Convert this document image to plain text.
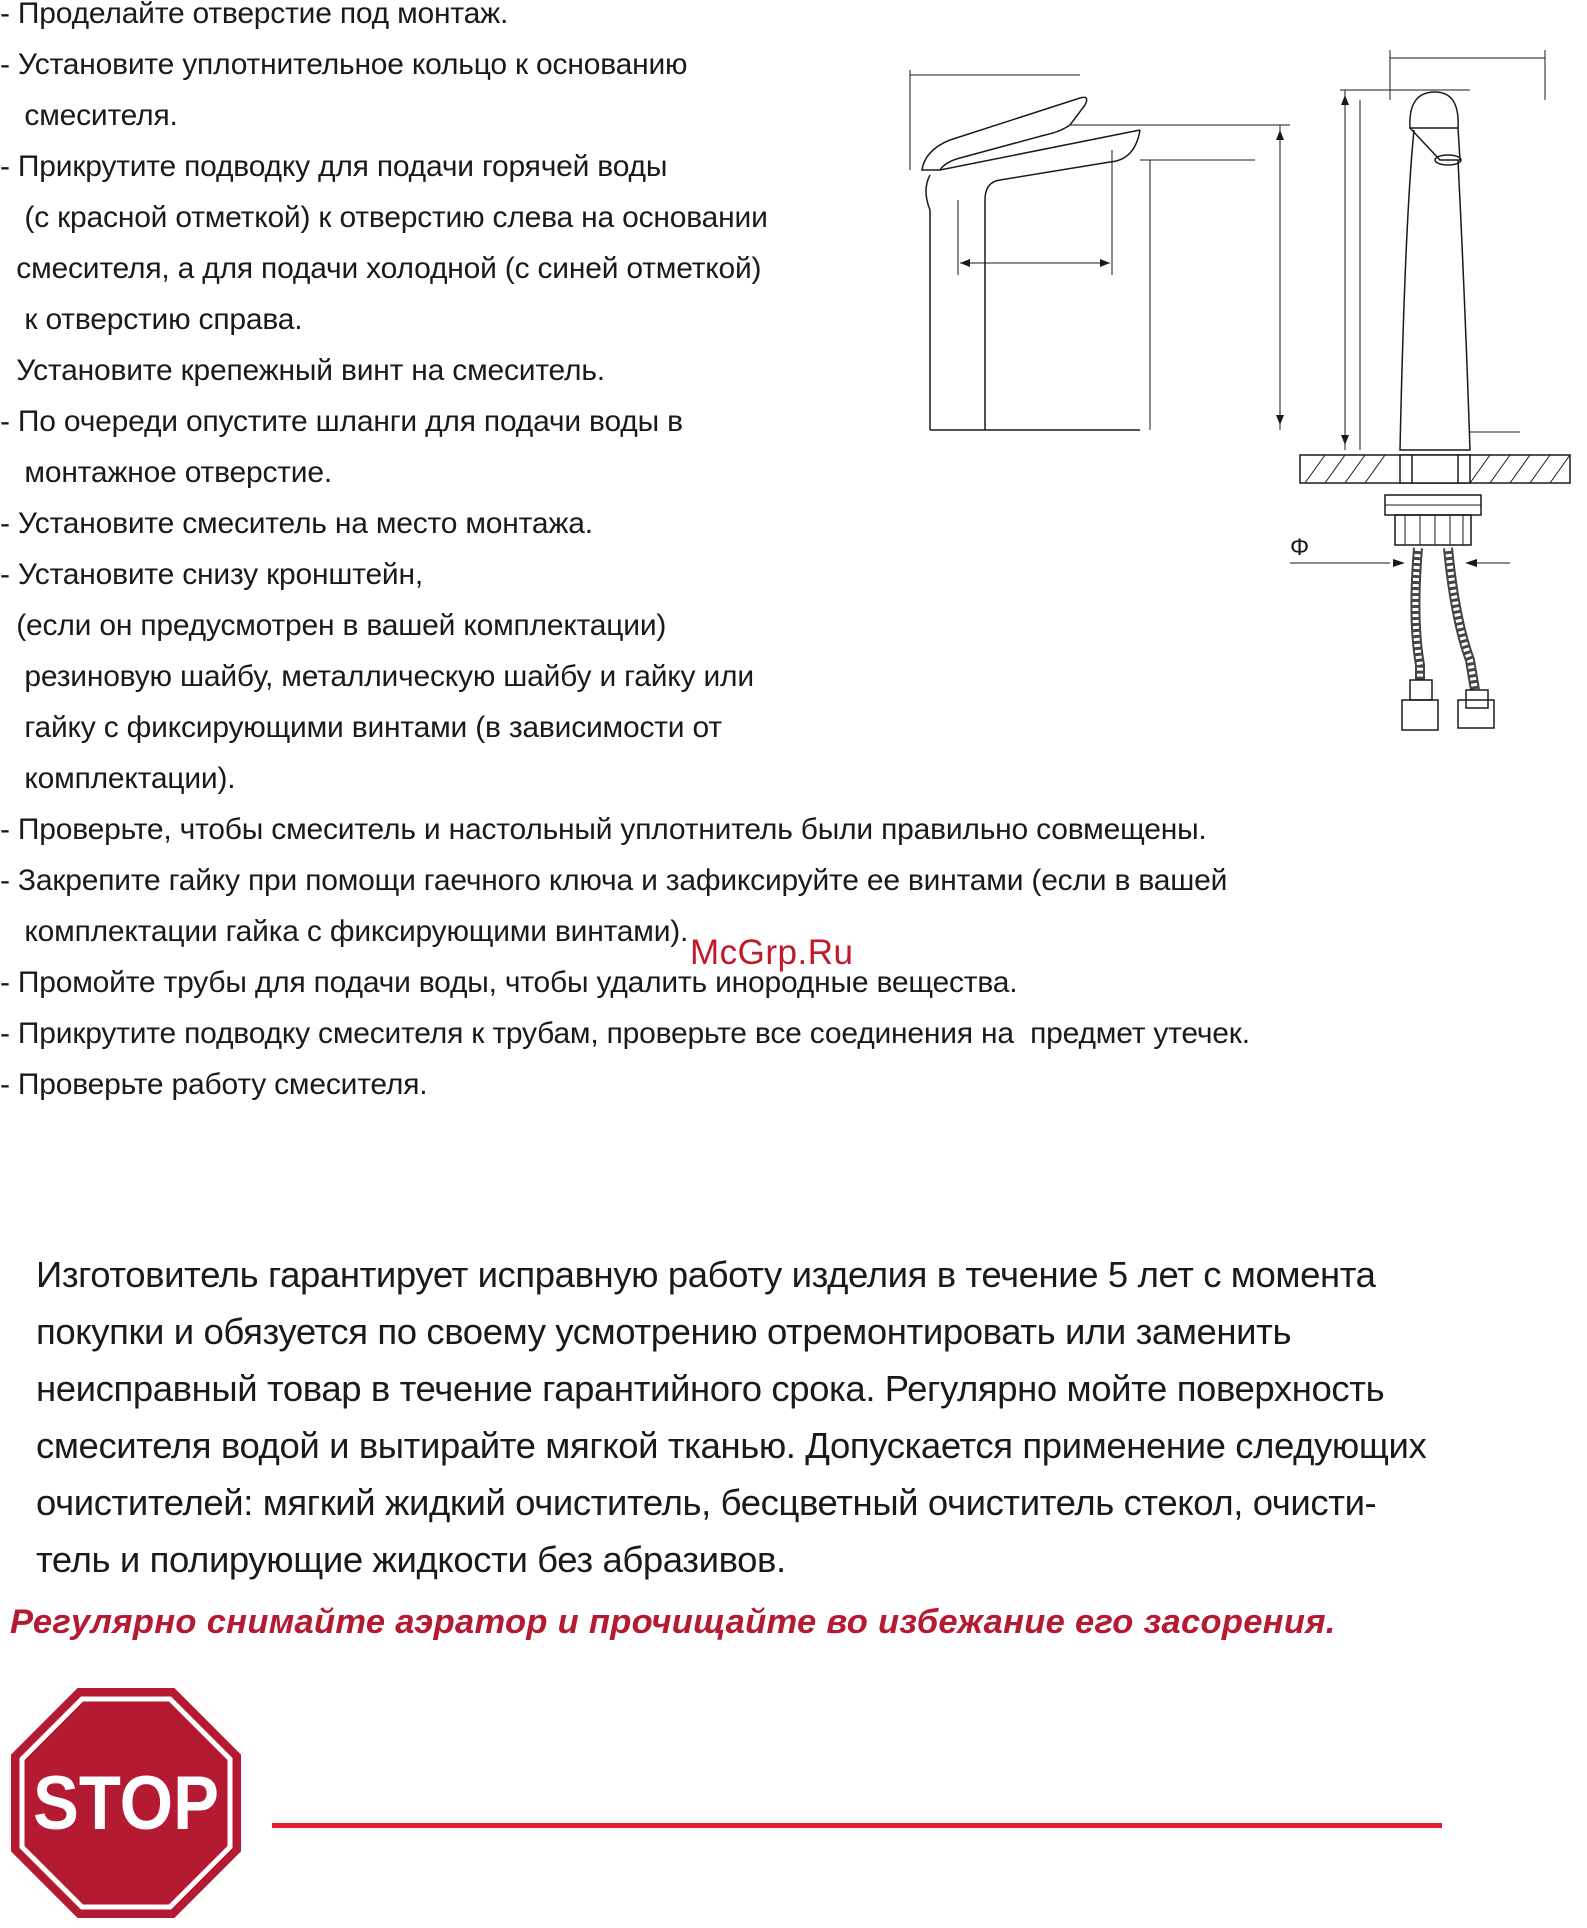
- Проделайте отверстие под монтаж.
- Установите уплотнительное кольцо к основанию
смесителя.
- Прикрутите подводку для подачи горячей воды
(с красной отметкой) к отверстию слева на основании
смесителя, а для подачи холодной (с синей отметкой)
к отверстию справа.
Установите крепежный винт на смеситель.
- По очереди опустите шланги для подачи воды в
монтажное отверстие.
- Установите смеситель на место монтажа.
- Установите снизу кронштейн,
(если он предусмотрен в вашей комплектации)
резиновую шайбу, металлическую шайбу и гайку или
гайку с фиксирующими винтами (в зависимости от
комплектации).
- Проверьте, чтобы смеситель и настольный уплотнитель были правильно совмещены.
- Закрепите гайку при помощи гаечного ключа и зафиксируйте ее винтами (если в вашей
комплектации гайка с фиксирующими винтами).
- Промойте трубы для подачи воды, чтобы удалить инородные вещества.
- Прикрутите подводку смесителя к трубам, проверьте все соединения на  предмет утечек.
- Проверьте работу смесителя.
McGrp.Ru
Φ
Изготовитель гарантирует исправную работу изделия в течение 5 лет с момента
покупки и обязуется по своему усмотрению отремонтировать или заменить
неисправный товар в течение гарантийного срока. Регулярно мойте поверхность
смесителя водой и вытирайте мягкой тканью. Допускается применение следующих
очистителей: мягкий жидкий очиститель, бесцветный очиститель стекол, очисти-
тель и полирующие жидкости без абразивов.
Регулярно снимайте аэратор и прочищайте во избежание его засорения.
STOP
